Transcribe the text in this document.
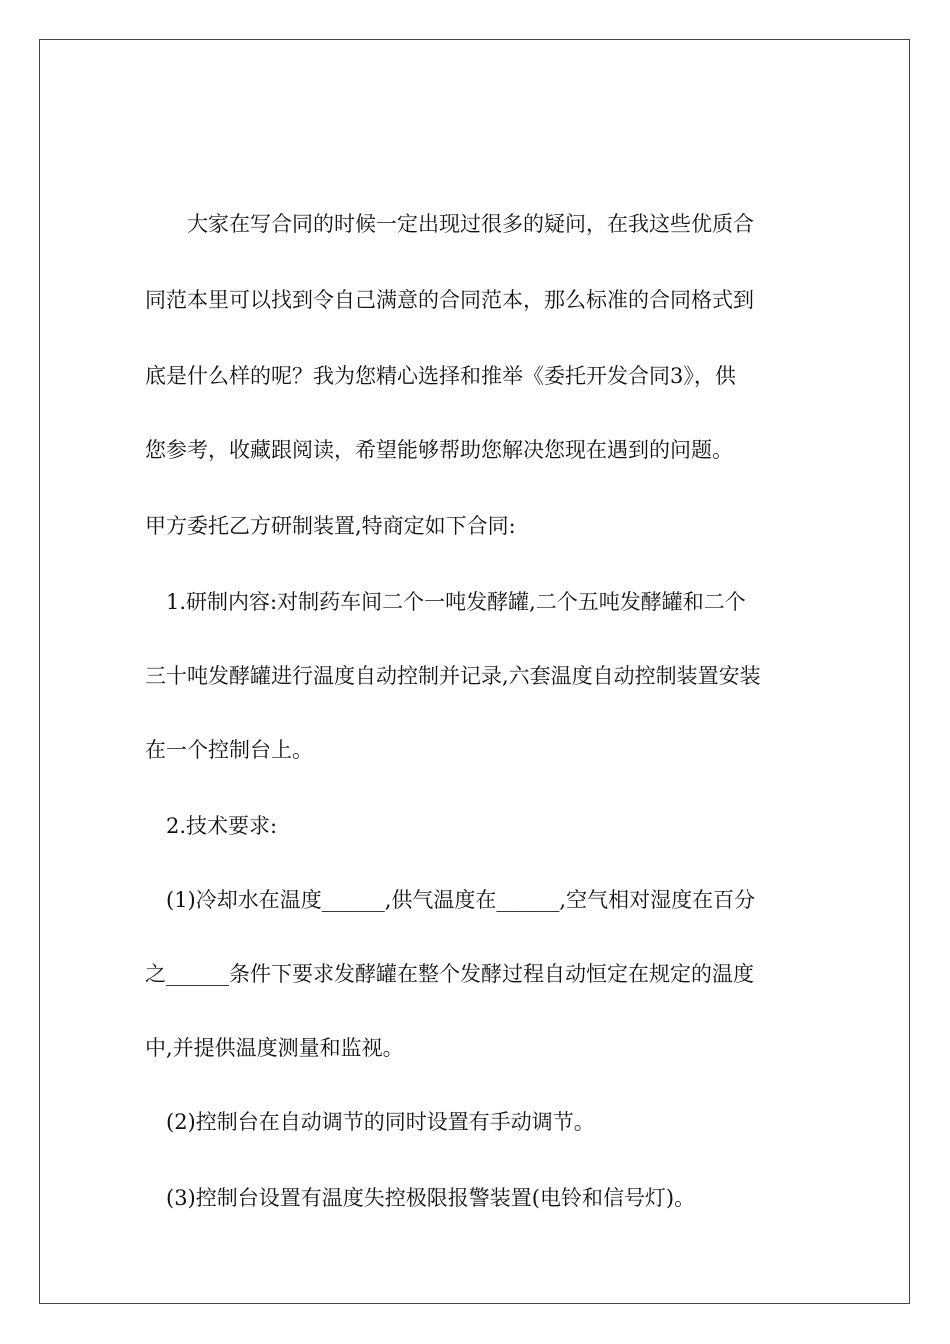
　　大家在写合同的时候一定出现过很多的疑问，在我这些优质合

同范本里可以找到令自己满意的合同范本，那么标准的合同格式到

底是什么样的呢？我为您精心选择和推举《委托开发合同3》，供

您参考，收藏跟阅读，希望能够帮助您解决您现在遇到的问题。

甲方委托乙方研制装置,特商定如下合同:

　1.研制内容:对制药车间二个一吨发酵罐,二个五吨发酵罐和二个

三十吨发酵罐进行温度自动控制并记录,六套温度自动控制装置安装

在一个控制台上。

　2.技术要求:

　(1)冷却水在温度______,供气温度在______,空气相对湿度在百分

之______条件下要求发酵罐在整个发酵过程自动恒定在规定的温度

中,并提供温度测量和监视。

　(2)控制台在自动调节的同时设置有手动调节。

　(3)控制台设置有温度失控极限报警装置(电铃和信号灯)。
